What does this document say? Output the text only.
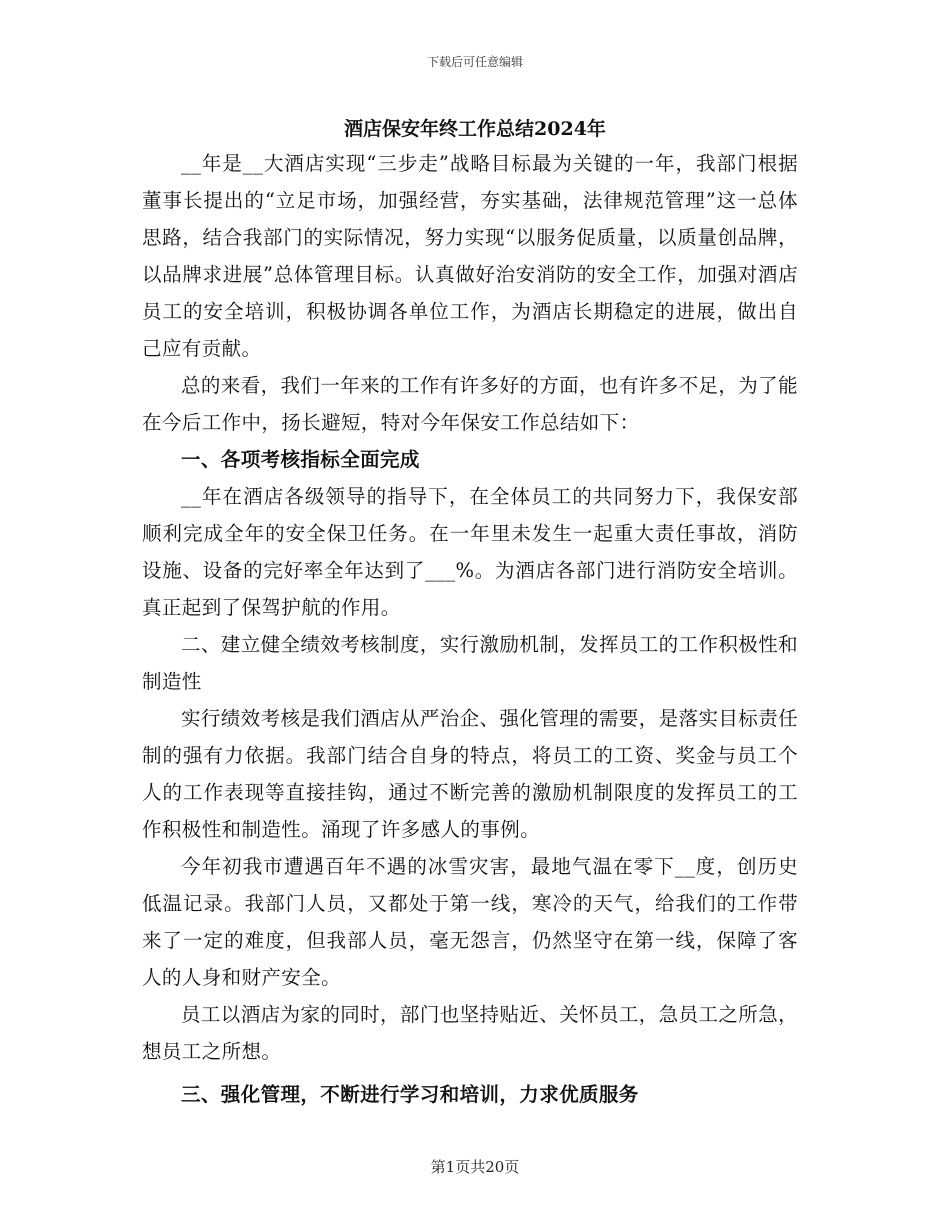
下载后可任意编辑
酒店保安年终工作总结2024年

__年是__大酒店实现“三步走”战略目标最为关键的一年，我部门根据董事长提出的“立足市场，加强经营，夯实基础，法律规范管理”这一总体思路，结合我部门的实际情况，努力实现“以服务促质量，以质量创品牌，以品牌求进展”总体管理目标。认真做好治安消防的安全工作，加强对酒店员工的安全培训，积极协调各单位工作，为酒店长期稳定的进展，做出自己应有贡献。

总的来看，我们一年来的工作有许多好的方面，也有许多不足，为了能在今后工作中，扬长避短，特对今年保安工作总结如下：

一、各项考核指标全面完成

__年在酒店各级领导的指导下，在全体员工的共同努力下，我保安部顺利完成全年的安全保卫任务。在一年里未发生一起重大责任事故，消防设施、设备的完好率全年达到了___%。为酒店各部门进行消防安全培训。真正起到了保驾护航的作用。

二、建立健全绩效考核制度，实行激励机制，发挥员工的工作积极性和制造性

实行绩效考核是我们酒店从严治企、强化管理的需要，是落实目标责任制的强有力依据。我部门结合自身的特点，将员工的工资、奖金与员工个人的工作表现等直接挂钩，通过不断完善的激励机制限度的发挥员工的工作积极性和制造性。涌现了许多感人的事例。

今年初我市遭遇百年不遇的冰雪灾害，最地气温在零下__度，创历史低温记录。我部门人员，又都处于第一线，寒冷的天气，给我们的工作带来了一定的难度，但我部人员，毫无怨言，仍然坚守在第一线，保障了客人的人身和财产安全。

员工以酒店为家的同时，部门也坚持贴近、关怀员工，急员工之所急，想员工之所想。

三、强化管理，不断进行学习和培训，力求优质服务

第1页共20页
